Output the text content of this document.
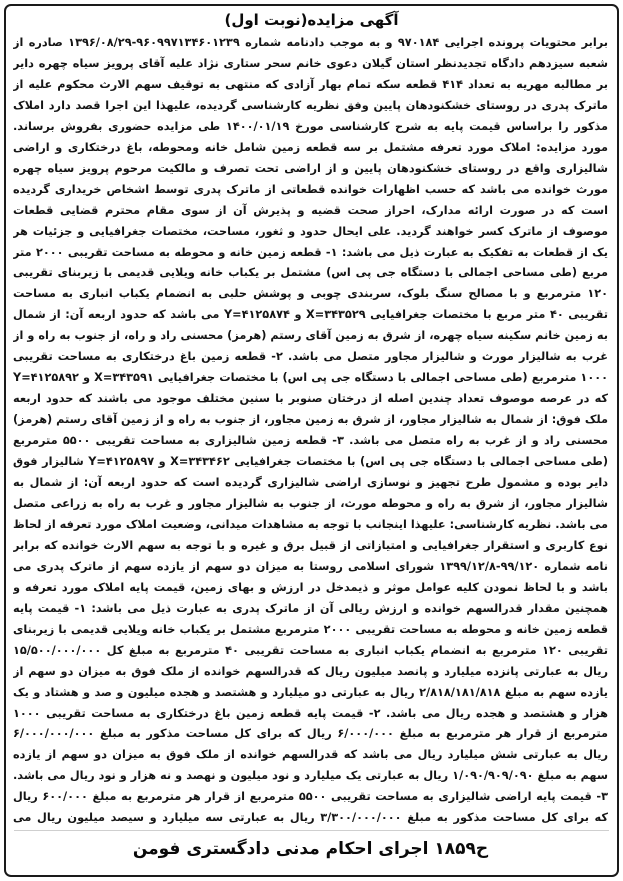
آگهی مزایده(نوبت اول)
برابر محتویات پرونده اجرایی ۹۷۰۱۸۴ و به موجب دادنامه شماره ۹۶۰۹۹۷۱۳۴۶۰۱۲۳۹-۱۳۹۶/۰۸/۲۹ صادره از شعبه سیزدهم دادگاه تجدیدنظر استان گیلان دعوی خانم سحر ستاری نژاد علیه آقای پرویز سیاه چهره دایر بر مطالبه مهریه به تعداد ۴۱۴ قطعه سکه تمام بهار آزادی که منتهی به توقیف سهم الارث محکوم علیه از ماترک پدری در روستای خشکنودهان پایین وفق نظریه کارشناسی گردیده، علیهذا این اجرا قصد دارد املاک مذکور را براساس قیمت پایه به شرح کارشناسی مورخ ۱۴۰۰/۰۱/۱۹ طی مزایده حضوری بفروش برساند. مورد مزایده: املاک مورد تعرفه مشتمل بر سه قطعه زمین شامل خانه ومحوطه، باغ درختکاری و اراضی شالیزاری واقع در روستای خشکنودهان پایین و از اراضی تحت تصرف و مالکیت مرحوم پرویز سیاه چهره مورث خوانده می باشد که حسب اظهارات خوانده قطعاتی از ماترک پدری توسط اشخاص خریداری گردیده است که در صورت ارائه مدارک، احراز صحت قضیه و پذیرش آن از سوی مقام محترم قضایی قطعات موصوف از ماترک کسر خواهند گردید. علی ایحال حدود و ثغور، مساحت، مختصات جغرافیایی و جزئیات هر یک از قطعات به تفکیک به عبارت ذیل می باشد: ۱- قطعه زمین خانه و محوطه به مساحت تقریبی ۲۰۰۰ متر مربع (طی مساحی اجمالی با دستگاه جی پی اس) مشتمل بر یکباب خانه ویلایی قدیمی با زیربنای تقریبی ۱۲۰ مترمربع و با مصالح سنگ بلوک، سربندی چوبی و پوشش حلبی به انضمام یکباب انباری به مساحت تقریبی ۴۰ متر مربع با مختصات جغرافیایی ۳۴۳۵۲۹=X و ۴۱۲۵۸۷۴=Y می باشد که حدود اربعه آن: از شمال به زمین خانم سکینه سیاه چهره، از شرق به زمین آقای رستم (هرمز) محسنی راد و راه، از جنوب به راه و از غرب به شالیزار مورث و شالیزار مجاور متصل می باشد. ۲- قطعه زمین باغ درختکاری به مساحت تقریبی ۱۰۰۰ مترمربع (طی مساحی اجمالی با دستگاه جی پی اس) با مختصات جغرافیایی ۳۴۳۵۹۱=X و ۴۱۲۵۸۹۲=Y که در عرصه موصوف تعداد چندین اصله از درختان صنوبر با سنین مختلف موجود می باشند که حدود اربعه ملک فوق: از شمال به شالیزار مجاور، از شرق به زمین مجاور، از جنوب به راه و از زمین آقای رستم (هرمز) محسنی راد و از غرب به راه متصل می باشد. ۳- قطعه زمین شالیزاری به مساحت تقریبی ۵۵۰۰ مترمربع (طی مساحی اجمالی با دستگاه جی پی اس) با مختصات جغرافیایی ۳۴۳۴۶۲=X و ۴۱۲۵۸۹۷=Y شالیزار فوق دایر بوده و مشمول طرح تجهیز و نوسازی اراضی شالیزاری گردیده است که حدود اربعه آن: از شمال به شالیزار مجاور، از شرق به راه و محوطه مورث، از جنوب به شالیزار مجاور و غرب به راه به زراعی متصل می باشد. نظریه کارشناسی: علیهذا اینجانب با توجه به مشاهدات میدانی، وضعیت املاک مورد تعرفه از لحاظ نوع کاربری و استقرار جغرافیایی و امتیازاتی از قبیل برق و غیره و با توجه به سهم الارث خوانده که برابر نامه شماره ۹۹/۱۲۰-۱۳۹۹/۱۲/۸ شورای اسلامی روستا به میزان دو سهم از یازده سهم از ماترک پدری می باشد و با لحاظ نمودن کلیه عوامل موثر و ذیمدخل در ارزش و بهای زمین، قیمت پایه املاک مورد تعرفه و همچنین مقدار قدرالسهم خوانده و ارزش ریالی آن از ماترک پدری به عبارت ذیل می باشد: ۱- قیمت پایه قطعه زمین خانه و محوطه به مساحت تقریبی ۲۰۰۰ مترمربع مشتمل بر یکباب خانه ویلایی قدیمی با زیربنای تقریبی ۱۲۰ مترمربع به انضمام یکباب انباری به مساحت تقریبی ۴۰ مترمربع به مبلغ کل ۱۵/۵۰۰/۰۰۰/۰۰۰ ریال به عبارتی پانزده میلیارد و پانصد میلیون ریال که قدرالسهم خوانده از ملک فوق به میزان دو سهم از یازده سهم به مبلغ ۲/۸۱۸/۱۸۱/۸۱۸ ریال به عبارتی دو میلیارد و هشتصد و هجده میلیون و صد و هشتاد و یک هزار و هشتصد و هجده ریال می باشد. ۲- قیمت پایه قطعه زمین باغ درختکاری به مساحت تقریبی ۱۰۰۰ مترمربع از قرار هر مترمربع به مبلغ ۶/۰۰۰/۰۰۰ ریال که برای کل مساحت مذکور به مبلغ ۶/۰۰۰/۰۰۰/۰۰۰ ریال به عبارتی شش میلیارد ریال می باشد که قدرالسهم خوانده از ملک فوق به میزان دو سهم از یازده سهم به مبلغ ۱/۰۹۰/۹۰۹/۰۹۰ ریال به عبارتی یک میلیارد و نود میلیون و نهصد و نه هزار و نود ریال می باشد. ۳- قیمت پایه اراضی شالیزاری به مساحت تقریبی ۵۵۰۰ مترمربع از قرار هر مترمربع به مبلغ ۶۰۰/۰۰۰ ریال که برای کل مساحت مذکور به مبلغ ۳/۳۰۰/۰۰۰/۰۰۰ ریال به عبارتی سه میلیارد و سیصد میلیون ریال می
ح۱۸۵۹ اجرای احکام مدنی دادگستری فومن
